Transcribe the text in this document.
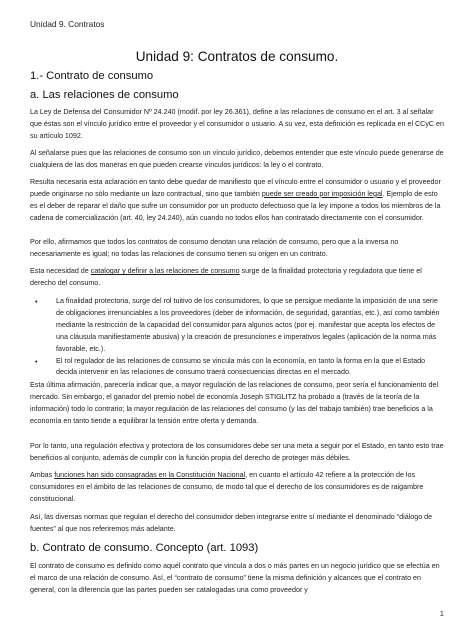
Unidad 9. Contratos
Unidad 9: Contratos de consumo.
1.- Contrato de consumo
a. Las relaciones de consumo

La Ley de Defensa del Consumidor Nº 24.240 (modif. por ley 26.361), define a las relaciones de consumo en el art. 3 al señalar que éstas son el vínculo jurídico entre el proveedor y el consumidor o usuario. A su vez, esta definición es replicada en el CCyC en su artículo 1092.

Al señalarse pues que las relaciones de consumo son un vínculo jurídico, debemos entender que este vínculo puede generarse de cualquiera de las dos maneras en que pueden crearse vínculos jurídicos: la ley o el contrato.

Resulta necesaria esta aclaración en tanto debe quedar de manifiesto que el vínculo entre el consumidor o usuario y el proveedor puede originarse no sólo mediante un lazo contractual, sino que también puede ser creado por imposición legal. Ejemplo de esto es el deber de reparar el daño que sufre un consumidor por un producto defectuoso que la ley impone a todos los miembros de la cadena de comercialización (art. 40, ley 24.240), aún cuando no todos ellos han contratado directamente con el consumidor.

Por ello, afirmamos que todos los contratos de consumo denotan una relación de consumo, pero que a la inversa no necesariamente es igual; no todas las relaciones de consumo tienen su origen en un contrato.

Esta necesidad de catalogar y definir a las relaciones de consumo surge de la finalidad protectoria y reguladora que tiene el derecho del consumo.

•	La finalidad protectoria, surge del rol tuitivo de los consumidores, lo que se persigue mediante la imposición de una serie de obligaciones irrenunciables a los proveedores (deber de información, de seguridad, garantías, etc.), así como también mediante la restricción de la capacidad del consumidor para algunos actos (por ej. manifestar que acepta los efectos de una cláusula manifiestamente abusiva) y la creación de presunciones e imperativos legales (aplicación de la norma más favorable, etc.).
•	El rol regulador de las relaciones de consumo se vincula más con la economía, en tanto la forma en la que el Estado decida intervenir en las relaciones de consumo traerá consecuencias directas en el mercado.

Esta última afirmación, parecería indicar que, a mayor regulación de las relaciones de consumo, peor sería el funcionamiento del mercado. Sin embargo, el ganador del premio nobel de economía Joseph STIGLITZ ha probado a (través de la teoría de la información) todo lo contrario; la mayor regulación de las relaciones del consumo (y las del trabajo también) trae beneficios a la economía en tanto tiende a equilibrar la tensión entre oferta y demanda.

Por lo tanto, una regulación efectiva y protectora de los consumidores debe ser una meta a seguir por el Estado, en tanto esto trae beneficios al conjunto, además de cumplir con la función propia del derecho de proteger más débiles.

Ambas funciones han sido consagradas en la Constitución Nacional, en cuanto el artículo 42 refiere a la protección de los consumidores en el ámbito de las relaciones de consumo, de modo tal que el derecho de los consumidores es de raigambre constitucional.

Así, las diversas normas que regulan el derecho del consumidor deben integrarse entre sí mediante el denominado “diálogo de fuentes” al que nos referiremos más adelante.

b. Contrato de consumo. Concepto (art. 1093)

El contrato de consumo es definido como aquél contrato que vincula a dos o más partes en un negocio jurídico que se efectúa en el marco de una relación de consumo. Así, el “contrato de consumo” tiene la misma definición y alcances que el contrato en general, con la diferencia que las partes pueden ser catalogadas una como proveedor y

1
